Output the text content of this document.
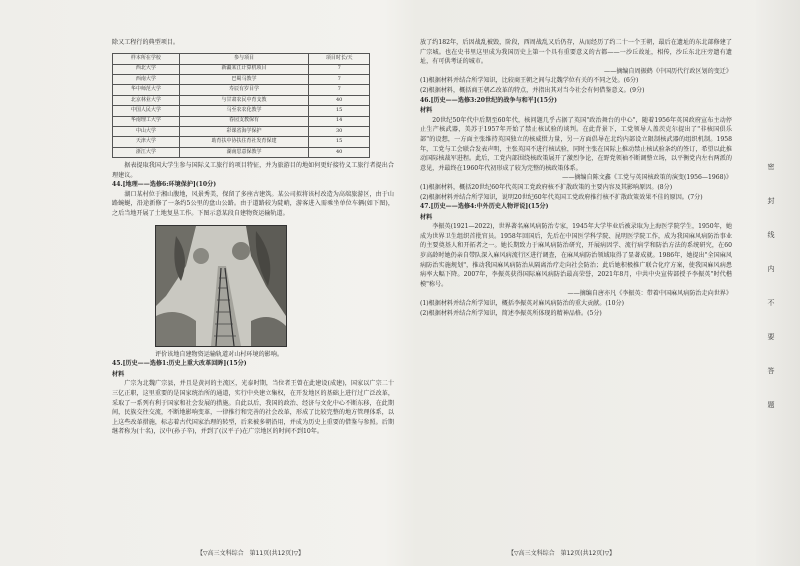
除又工程行的典型项目。

样本所在学校	参与项目	项目时长/天
西北大学	新疆某江计算机项目	7
西南大学	巴蜀马教学	7
华中师范大学	寿辰有岁目学	7
北京林业大学	与甘肃农民中育支教	40
中国人民大学	马至农农化教学	15
华南理工大学	春园支教保有	14
中山大学	彩课省海学保护	30
天津大学	助育扶中协扶住育社发育保建	15
浙江大学	湖南思意保教学	40

据表提取我国大学生参与国际义工旅行的项目特征，并为旅游目的地如何更好接待义工旅行者提出合理建议。

44.[地理——选修6:环境保护](10分)

湖口某村位于湘山腹地，风景秀美，保留了多座古建筑。某公司拟将该村改造为高端旅游区，由于山路蜿蜒，沿途新修了一条约5公里的盘山公路。由于道路较为陡峭，游客进入需乘坐单位车辆(如下图)，之后当地开展了土地复垦工作。下图示意某段自建物资运输轨道。

评价该地自建物资运输轨道对山村环境的影响。

45.[历史——选修1:历史上重大改革回眸](15分)

材料

广宗为北魏广宗县，并且是黄河的主流区，光泰时期，当位者王曾在此建设(成建)，国家以广宗二十三亿正职，这里重要的是国家统治所的通道，实行中央建立集权，在开发地区的基础上进行过广泛改革，采取了一系列有利于国家和社会发展的措施。自此以后，我国的政治、经济与文化中心不断东移，在此期间，民族交往交流，不断地影响变革，一律推行和完善的社会改革，形成了比较完整的地方管理体系，以上这些改革措施，标志着古代国家治理的转型，后来被多朝沿用，并成为历史上重要的借鉴与参照。后期继者称为(十名)，汉中(孙子辛)，并到了(汉平子)在广宗地区的时间不到10年。

放了约182年，后因战乱被毁，阶段，西周战乱又后仍存，从而经历了约二十一个王朝，最后在遗址的东北部修建了广宗城。也在史书里这里成为我国历史上第一个具有重要意义的古都——一沙丘故址，相传，沙丘东北庄旁遗有遗址，有可供考证的城市。

——摘编自周振鹤《中国历代行政区划的变迁》

(1)根据材料并结合所学知识，比较商王朝之间与北魏学位有关的不同之处。(6分)

(2)根据材料，概括商王朝乙改革的特点，并指出其对当今社会有何借鉴意义。(9分)

46.[历史——选修3:20世纪的战争与和平](15分)

材料

20世纪50年代中后期至60年代，核问题几乎占据了英国"政治舞台的中心"，随着1956年英国政府宣布主动停止生产核武器，美苏于1957年开始了禁止核试验的谈判。在此背景下，工党领导人盖茨克尔提出了"非核国俱乐部"的设想，一方面主张维持英国独立的核威慑力量，另一方面倡导在北约内部设立限制核武器的组织机制。1958年，工党与工会联合发表声明，主张英国不进行核试验，同时主张在国际上推动禁止核试验条约的签订，希望以此推动国际核裁军进程。此后，工党内部围绕核政策展开了激烈争论，在野党领袖不断调整立场，以平衡党内左右两派的意见，并最终在1960年代初形成了较为完整的核政策体系。

——摘编自陈文鑫《工党与英国核政策的演变(1956—1968)》

(1)根据材料，概括20世纪60年代英国工党政府核不扩散政策的主要内容及其影响原因。(8分)

(2)根据材料并结合所学知识，说明20世纪60年代英国工党政府推行核不扩散政策效果不佳的原因。(7分)

47.[历史——选修4:中外历史人物评说](15分)

材料

李振英(1921—2022)，世界著名麻风病防治专家，1945年大学毕业后被录取为上海医学院学生，1950年，她成为世界卫生组织首批官员。1958年回国后，先后在中国医学科学院、昆明医学院工作，成为我国麻风病防治事业的主要奠基人和开拓者之一。她长期致力于麻风病防治研究，开展病因学、流行病学和防治方法的系统研究，在60岁高龄时她仍亲自带队深入麻风病流行区进行调查，在麻风病防治领域取得了显著成就。1986年，她提出"全国麻风病防治实施规划"，推动我国麻风病防治从隔离治疗走向社会防治；此后她积极推广联合化疗方案，使我国麻风病患病率大幅下降。2007年，李振英获得国际麻风病防治最高荣誉，2021年8月，中共中央宣传部授予李振英"时代楷模"称号。

——摘编自唐亦凡《李振英：带着中国麻风病防治走向世界》

(1)根据材料并结合所学知识，概括李振英对麻风病防治的重大贡献。(10分)

(2)根据材料并结合所学知识，简述李振英所体现的精神品格。(5分)

【▽高三文科综合　第11页(共12页)▽】	【▽高三文科综合　第12页(共12页)▽】
密
封
线
内
不
要
答
题
